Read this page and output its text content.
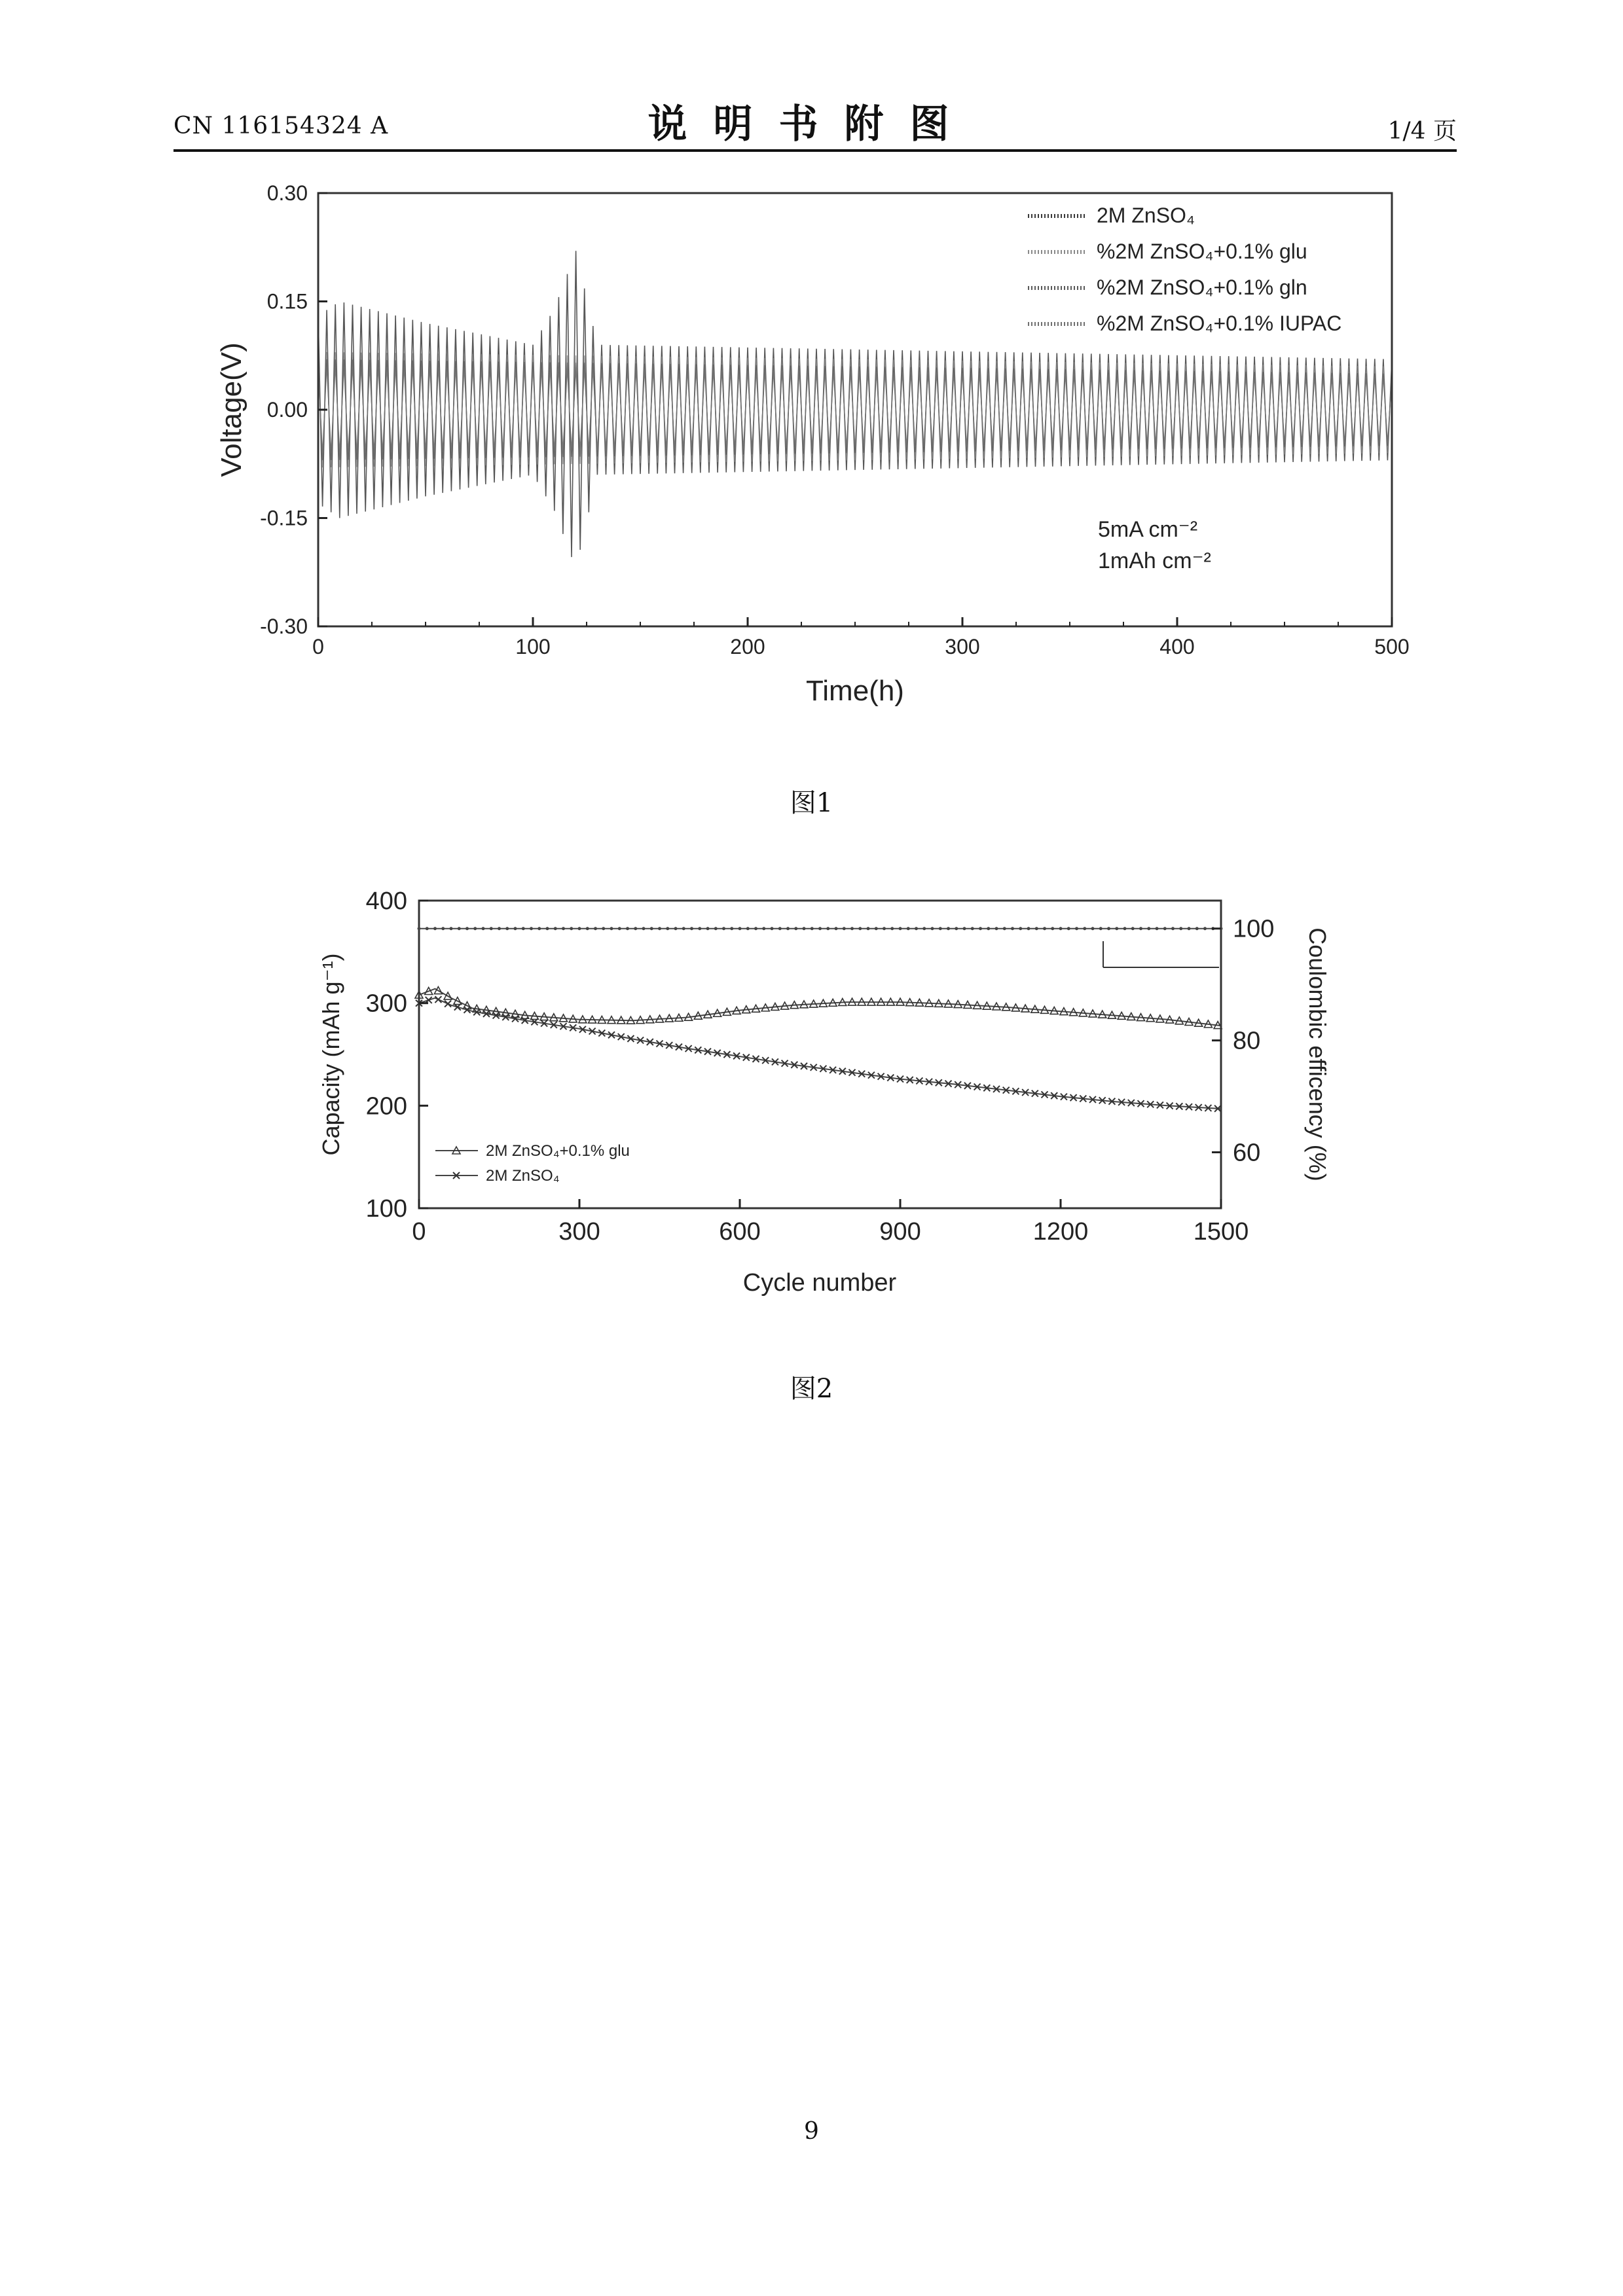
CN 116154324 A	说明书附图	1/4 页
0	100	200	300	400	500
0.30
0.15
0.00
-0.15
-0.30
Time(h)
Voltage(V)
2M ZnSO₄
%2M ZnSO₄+0.1% glu
%2M ZnSO₄+0.1% gln
%2M ZnSO₄+0.1% IUPAC
5mA cm⁻²
1mAh cm⁻²
图1
0	300	600	900	1200	1500
400
300
200
100
100
80
60
Cycle number
Capacity (mAh g⁻¹)	Coulombic efficency (%)
2M ZnSO₄+0.1% glu
2M ZnSO₄
图2
9
